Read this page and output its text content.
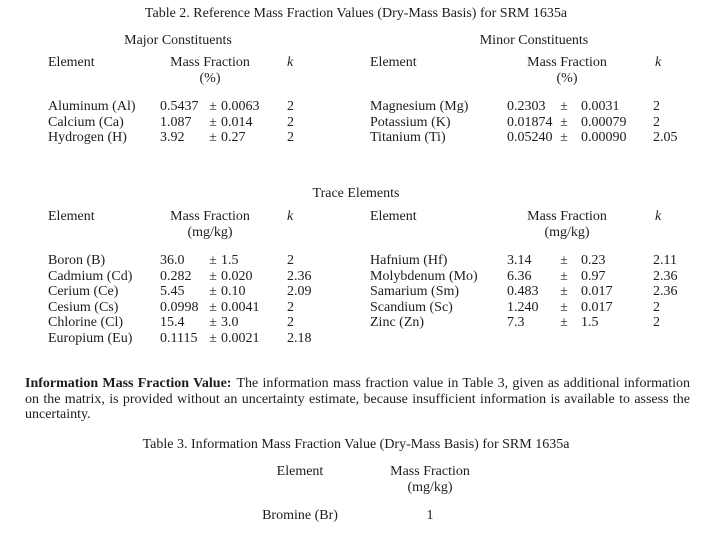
Table 2. Reference Mass Fraction Values (Dry-Mass Basis) for SRM 1635a
Major Constituents
Element	Mass Fraction
(%)
k
Aluminum (Al)	0.5437 ± 0.0063	2
Calcium (Ca)	1.087	± 0.014	2
Hydrogen (H)	3.92	± 0.27	2
Minor Constituents
Element	Mass Fraction
(%)
k
Magnesium (Mg)	0.2303	± 0.0031	2
Potassium (K)	0.01874 ± 0.00079	2
Titanium (Ti)	0.05240 ± 0.00090	2.05
Trace Elements
Element	Mass Fraction
(mg/kg)
k
Boron (B)	36.0	± 1.5	2
Cadmium (Cd)	0.282	± 0.020	2.36
Cerium (Ce)	5.45	± 0.10	2.09
Cesium (Cs)	0.0998 ± 0.0041	2
Chlorine (Cl)	15.4	± 3.0	2
Europium (Eu)	0.1115 ± 0.0021	2.18
Element	Mass Fraction
(mg/kg)
k
Hafnium (Hf)	3.14	± 0.23	2.11
Molybdenum (Mo)	6.36	± 0.97	2.36
Samarium (Sm)	0.483	± 0.017	2.36
Scandium (Sc)	1.240	± 0.017	2
Zinc (Zn)	7.3	± 1.5	2
Information Mass Fraction Value: The information mass fraction value in Table 3, given as additional information on the matrix, is provided without an uncertainty estimate, because insufficient information is available to assess the uncertainty.
Table 3. Information Mass Fraction Value (Dry-Mass Basis) for SRM 1635a
Element	Mass Fraction
(mg/kg)
Bromine (Br)	1
